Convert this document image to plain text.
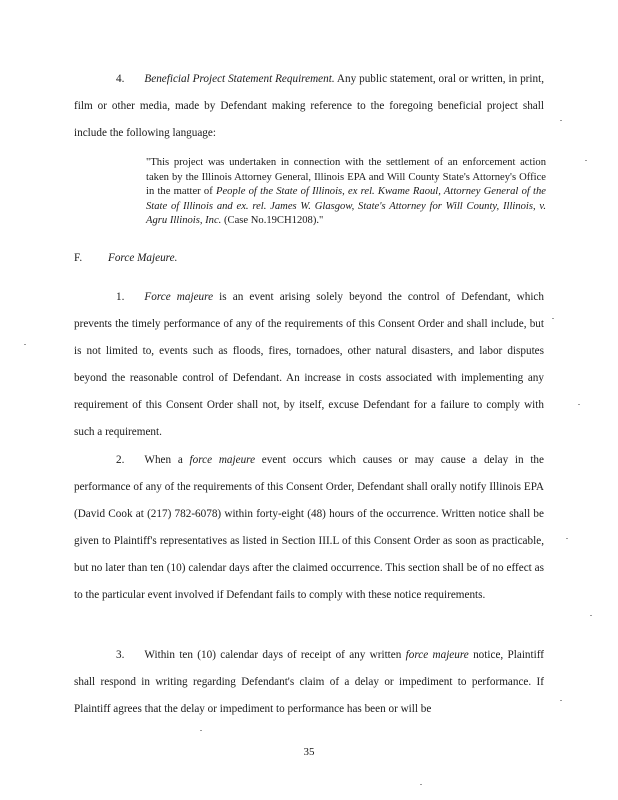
4. Beneficial Project Statement Requirement. Any public statement, oral or written, in print, film or other media, made by Defendant making reference to the foregoing beneficial project shall include the following language:
"This project was undertaken in connection with the settlement of an enforcement action taken by the Illinois Attorney General, Illinois EPA and Will County State's Attorney's Office in the matter of People of the State of Illinois, ex rel. Kwame Raoul, Attorney General of the State of Illinois and ex. rel. James W. Glasgow, State's Attorney for Will County, Illinois, v. Agru Illinois, Inc. (Case No.19CH1208)."
F. Force Majeure.
1. Force majeure is an event arising solely beyond the control of Defendant, which prevents the timely performance of any of the requirements of this Consent Order and shall include, but is not limited to, events such as floods, fires, tornadoes, other natural disasters, and labor disputes beyond the reasonable control of Defendant. An increase in costs associated with implementing any requirement of this Consent Order shall not, by itself, excuse Defendant for a failure to comply with such a requirement.
2. When a force majeure event occurs which causes or may cause a delay in the performance of any of the requirements of this Consent Order, Defendant shall orally notify Illinois EPA (David Cook at (217) 782-6078) within forty-eight (48) hours of the occurrence. Written notice shall be given to Plaintiff's representatives as listed in Section III.L of this Consent Order as soon as practicable, but no later than ten (10) calendar days after the claimed occurrence. This section shall be of no effect as to the particular event involved if Defendant fails to comply with these notice requirements.
3. Within ten (10) calendar days of receipt of any written force majeure notice, Plaintiff shall respond in writing regarding Defendant's claim of a delay or impediment to performance. If Plaintiff agrees that the delay or impediment to performance has been or will be
35
